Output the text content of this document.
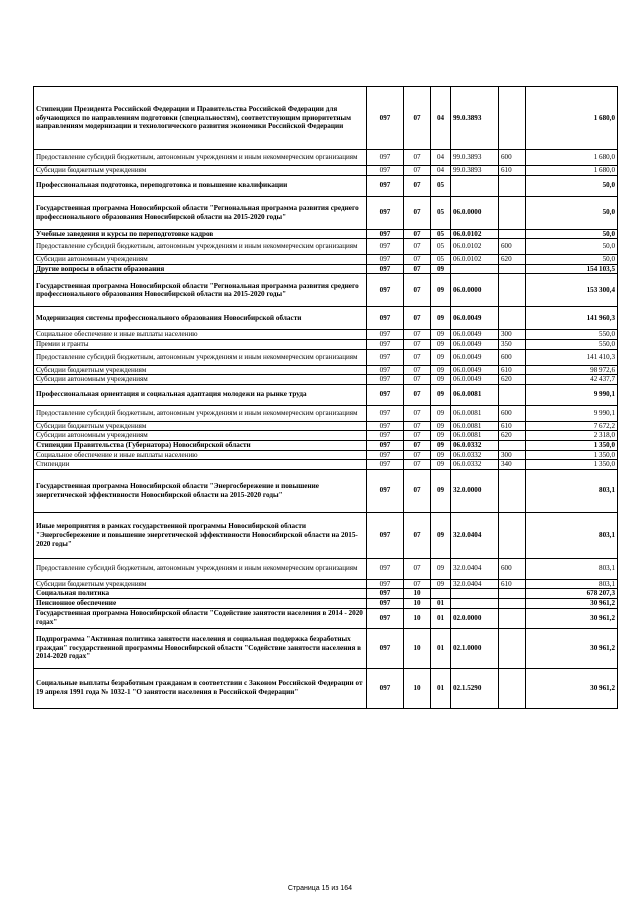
Стипендии Президента Российской Федерации и Правительства Российской Федерации для обучающихся по направлениям подготовки (специальностям), соответствующим приоритетным направлениям модернизации и технологического развития экономики Российской Федерации	097	07	04	99.0.3893		1 680,0
Предоставление субсидий бюджетным, автономным учреждениям и иным некоммерческим организациям	097	07	04	99.0.3893	600	1 680,0
Субсидии бюджетным учреждениям	097	07	04	99.0.3893	610	1 680,0
Профессиональная подготовка, переподготовка и повышение квалификации	097	07	05			50,0
Государственная программа Новосибирской области "Региональная программа развития среднего профессионального образования Новосибирской области на 2015-2020 годы"	097	07	05	06.0.0000		50,0
Учебные заведения и курсы по переподготовке кадров	097	07	05	06.0.0102		50,0
Предоставление субсидий бюджетным, автономным учреждениям и иным некоммерческим организациям	097	07	05	06.0.0102	600	50,0
Субсидии автономным учреждениям	097	07	05	06.0.0102	620	50,0
Другие вопросы в области образования	097	07	09			154 103,5
Государственная программа Новосибирской области "Региональная программа развития среднего профессионального образования Новосибирской области на 2015-2020 годы"	097	07	09	06.0.0000		153 300,4
Модернизация системы профессионального образования Новосибирской области	097	07	09	06.0.0049		141 960,3
Социальное обеспечение и иные выплаты населению	097	07	09	06.0.0049	300	550,0
Премии и гранты	097	07	09	06.0.0049	350	550,0
Предоставление субсидий бюджетным, автономным учреждениям и иным некоммерческим организациям	097	07	09	06.0.0049	600	141 410,3
Субсидии бюджетным учреждениям	097	07	09	06.0.0049	610	98 972,6
Субсидии автономным учреждениям	097	07	09	06.0.0049	620	42 437,7
Профессиональная ориентация и социальная адаптация молодежи на рынке труда	097	07	09	06.0.0081		9 990,1
Предоставление субсидий бюджетным, автономным учреждениям и иным некоммерческим организациям	097	07	09	06.0.0081	600	9 990,1
Субсидии бюджетным учреждениям	097	07	09	06.0.0081	610	7 672,2
Субсидии автономным учреждениям	097	07	09	06.0.0081	620	2 318,0
Стипендии Правительства (Губернатора) Новосибирской области	097	07	09	06.0.0332		1 350,0
Социальное обеспечение и иные выплаты населению	097	07	09	06.0.0332	300	1 350,0
Стипендии	097	07	09	06.0.0332	340	1 350,0
Государственная программа Новосибирской области "Энергосбережение и повышение энергетической эффективности Новосибирской области на 2015-2020 годы"	097	07	09	32.0.0000		803,1
Иные мероприятия в рамках государственной программы Новосибирской области "Энергосбережение и повышение энергетической эффективности Новосибирской области на 2015- 2020 годы"	097	07	09	32.0.0404		803,1
Предоставление субсидий бюджетным, автономным учреждениям и иным некоммерческим организациям	097	07	09	32.0.0404	600	803,1
Субсидии бюджетным учреждениям	097	07	09	32.0.0404	610	803,1
Социальная политика	097	10				678 207,3
Пенсионное обеспечение	097	10	01			30 961,2
Государственная программа Новосибирской области "Содействие занятости населения в 2014 - 2020 годах"	097	10	01	02.0.0000		30 961,2
Подпрограмма "Активная политика занятости населения и социальная поддержка безработных граждан" государственной программы Новосибирской области "Содействие занятости населения в 2014-2020 годах"	097	10	01	02.1.0000		30 961,2
Социальные выплаты безработным гражданам в соответствии с Законом Российской Федерации от 19 апреля 1991 года № 1032-1 "О занятости населения в Российской Федерации"	097	10	01	02.1.5290		30 961,2
Страница 15 из 164
